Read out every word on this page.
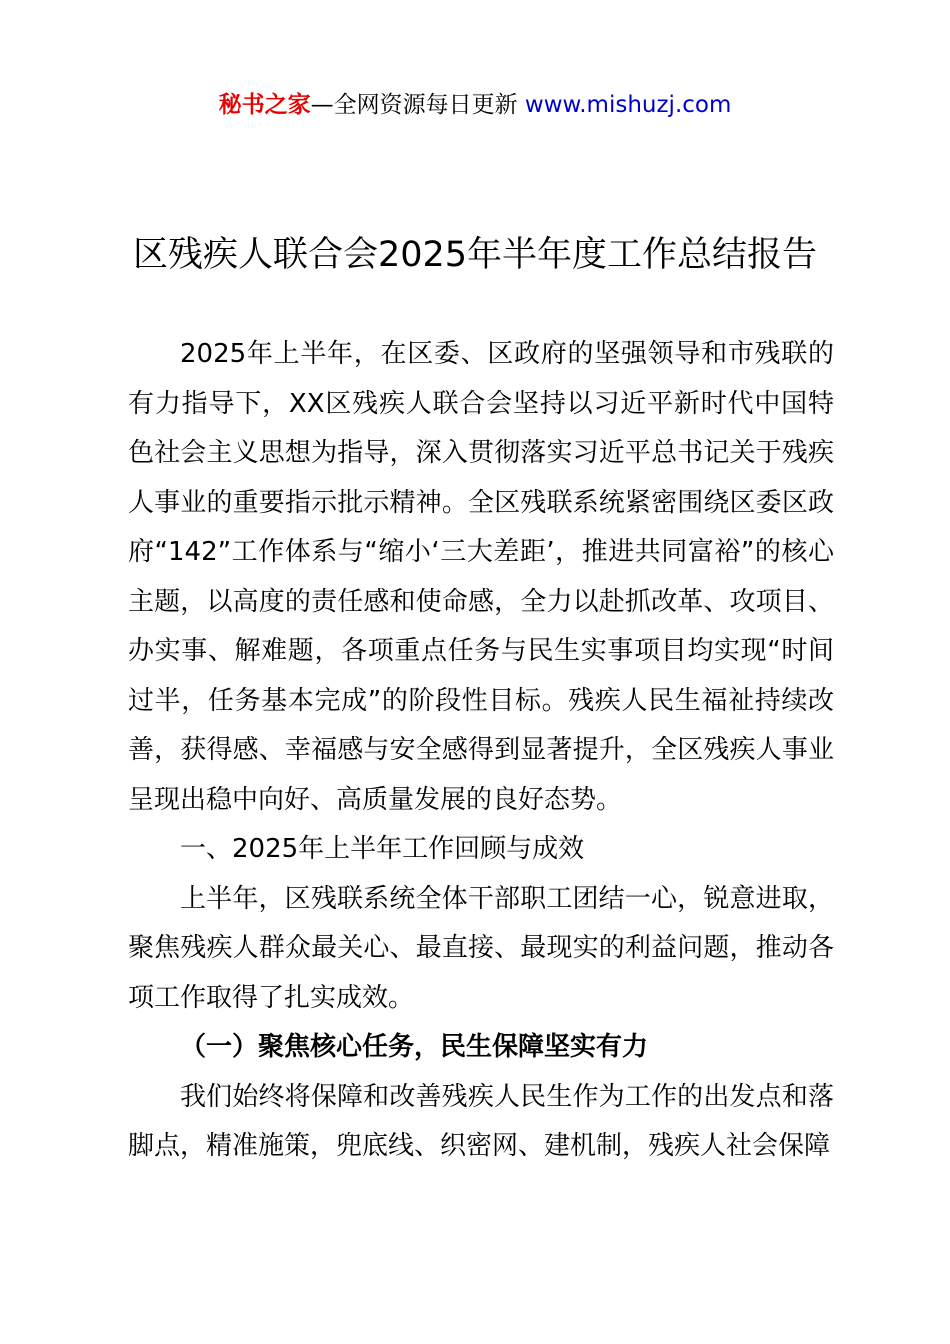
秘书之家—全网资源每日更新 www.mishuzj.com
区残疾人联合会2025年半年度工作总结报告

2025年上半年，在区委、区政府的坚强领导和市残联的有力指导下，XX区残疾人联合会坚持以习近平新时代中国特色社会主义思想为指导，深入贯彻落实习近平总书记关于残疾人事业的重要指示批示精神。全区残联系统紧密围绕区委区政府“142”工作体系与“缩小‘三大差距’，推进共同富裕”的核心主题，以高度的责任感和使命感，全力以赴抓改革、攻项目、办实事、解难题，各项重点任务与民生实事项目均实现“时间过半，任务基本完成”的阶段性目标。残疾人民生福祉持续改善，获得感、幸福感与安全感得到显著提升，全区残疾人事业呈现出稳中向好、高质量发展的良好态势。

一、2025年上半年工作回顾与成效

上半年，区残联系统全体干部职工团结一心，锐意进取，聚焦残疾人群众最关心、最直接、最现实的利益问题，推动各项工作取得了扎实成效。

（一）聚焦核心任务，民生保障坚实有力

我们始终将保障和改善残疾人民生作为工作的出发点和落脚点，精准施策，兜底线、织密网、建机制，残疾人社会保障
